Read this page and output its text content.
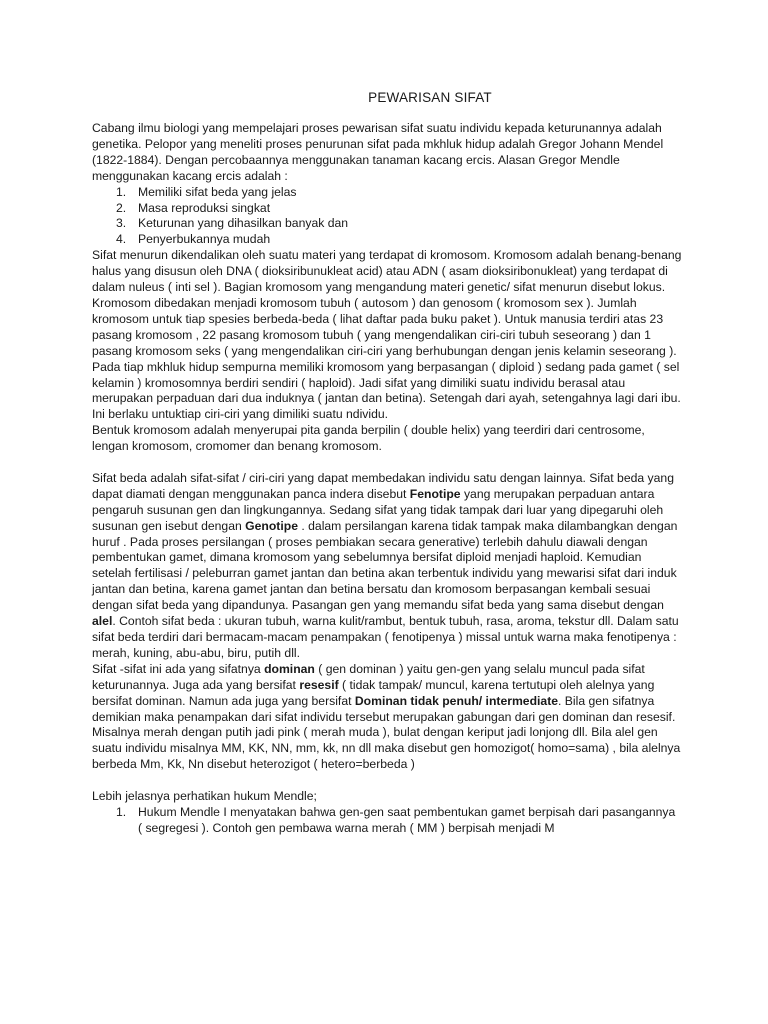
PEWARISAN SIFAT

Cabang ilmu biologi yang mempelajari proses pewarisan sifat suatu individu kepada keturunannya adalah genetika. Pelopor yang meneliti proses penurunan sifat pada mkhluk hidup adalah Gregor Johann Mendel (1822-1884). Dengan percobaannya menggunakan tanaman kacang ercis. Alasan Gregor Mendle menggunakan kacang ercis adalah :

1. Memiliki sifat beda yang jelas
2. Masa reproduksi singkat
3. Keturunan yang dihasilkan banyak dan
4. Penyerbukannya mudah

Sifat menurun dikendalikan oleh suatu materi yang terdapat di kromosom. Kromosom adalah benang-benang halus yang disusun oleh DNA ( dioksiribunukleat acid) atau ADN ( asam dioksiribonukleat) yang terdapat di dalam nuleus ( inti sel ). Bagian kromosom yang mengandung materi genetic/ sifat menurun disebut lokus. Kromosom dibedakan menjadi kromosom tubuh ( autosom ) dan genosom ( kromosom sex ). Jumlah kromosom untuk tiap spesies berbeda-beda ( lihat daftar pada buku paket ). Untuk manusia terdiri atas 23 pasang kromosom , 22 pasang kromosom tubuh ( yang mengendalikan ciri-ciri tubuh seseorang ) dan 1 pasang kromosom seks ( yang mengendalikan ciri-ciri yang berhubungan dengan jenis kelamin seseorang ). Pada tiap mkhluk hidup sempurna memiliki kromosom yang berpasangan ( diploid ) sedang pada gamet ( sel kelamin ) kromosomnya berdiri sendiri ( haploid). Jadi sifat yang dimiliki suatu individu berasal atau merupakan perpaduan dari dua induknya ( jantan dan betina). Setengah dari ayah, setengahnya lagi dari ibu. Ini berlaku untuktiap ciri-ciri yang dimiliki suatu ndividu.

Bentuk kromosom adalah menyerupai pita ganda berpilin ( double helix) yang teerdiri dari centrosome, lengan kromosom, cromomer dan benang kromosom.

Sifat beda adalah sifat-sifat / ciri-ciri yang dapat membedakan individu satu dengan lainnya. Sifat beda yang dapat diamati dengan menggunakan panca indera disebut Fenotipe yang merupakan perpaduan antara pengaruh susunan gen dan lingkungannya. Sedang sifat yang tidak tampak dari luar yang dipegaruhi oleh susunan gen isebut dengan Genotipe . dalam persilangan karena tidak tampak maka dilambangkan dengan huruf . Pada proses persilangan ( proses pembiakan secara generative) terlebih dahulu diawali dengan pembentukan gamet, dimana kromosom yang sebelumnya bersifat diploid menjadi haploid. Kemudian setelah fertilisasi / peleburran gamet jantan dan betina akan terbentuk individu yang mewarisi sifat dari induk jantan dan betina, karena gamet jantan dan betina bersatu dan kromosom berpasangan kembali sesuai dengan sifat beda yang dipandunya. Pasangan gen yang memandu sifat beda yang sama disebut dengan alel. Contoh sifat beda : ukuran tubuh, warna kulit/rambut, bentuk tubuh, rasa, aroma, tekstur dll. Dalam satu sifat beda terdiri dari bermacam-macam penampakan ( fenotipenya ) missal untuk warna maka fenotipenya : merah, kuning, abu-abu, biru, putih dll.

Sifat -sifat ini ada yang sifatnya dominan ( gen dominan ) yaitu gen-gen yang selalu muncul pada sifat keturunannya. Juga ada yang bersifat resesif ( tidak tampak/ muncul, karena tertutupi oleh alelnya yang bersifat dominan. Namun ada juga yang bersifat Dominan tidak penuh/ intermediate. Bila gen sifatnya demikian maka penampakan dari sifat individu tersebut merupakan gabungan dari gen dominan dan resesif. Misalnya merah dengan putih jadi pink ( merah muda ), bulat dengan keriput jadi lonjong dll. Bila alel gen suatu individu misalnya MM, KK, NN, mm, kk, nn dll maka disebut gen homozigot( homo=sama) , bila alelnya berbeda Mm, Kk, Nn disebut heterozigot ( hetero=berbeda )

Lebih jelasnya perhatikan hukum Mendle;

1. Hukum Mendle I menyatakan bahwa gen-gen saat pembentukan gamet berpisah dari pasangannya ( segregesi ). Contoh gen pembawa warna merah ( MM ) berpisah menjadi M
